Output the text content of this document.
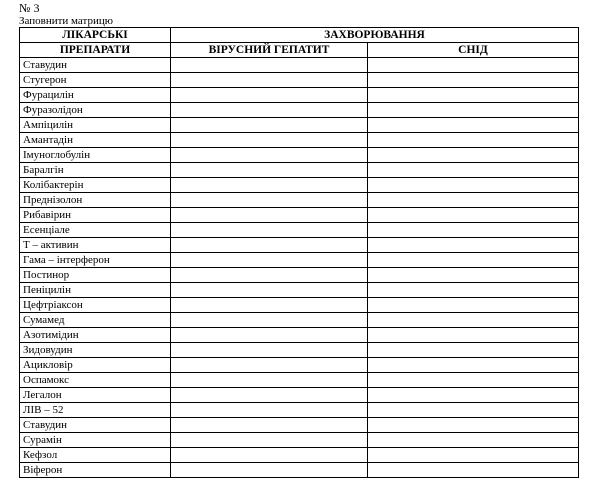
№ 3
Заповнити матрицю
ЛІКАРСЬКІ	ЗАХВОРЮВАННЯ	
ПРЕПАРАТИ	ВІРУСНИЙ ГЕПАТИТ	СНІД
Ставудин		
Стугерон		
Фурацилін		
Фуразолідон		
Ампіцилін		
Амантадін		
Імуноглобулін		
Баралгін		
Колібактерін		
Преднізолон		
Рибавірин		
Есенціале		
Т – активин		
Гама – інтерферон		
Постинор		
Пеніцилін		
Цефтріаксон		
Сумамед		
Азотимідин		
Зидовудин		
Ацикловір		
Оспамокс		
Легалон		
ЛІВ – 52		
Ставудин		
Сурамін		
Кефзол		
Віферон		
